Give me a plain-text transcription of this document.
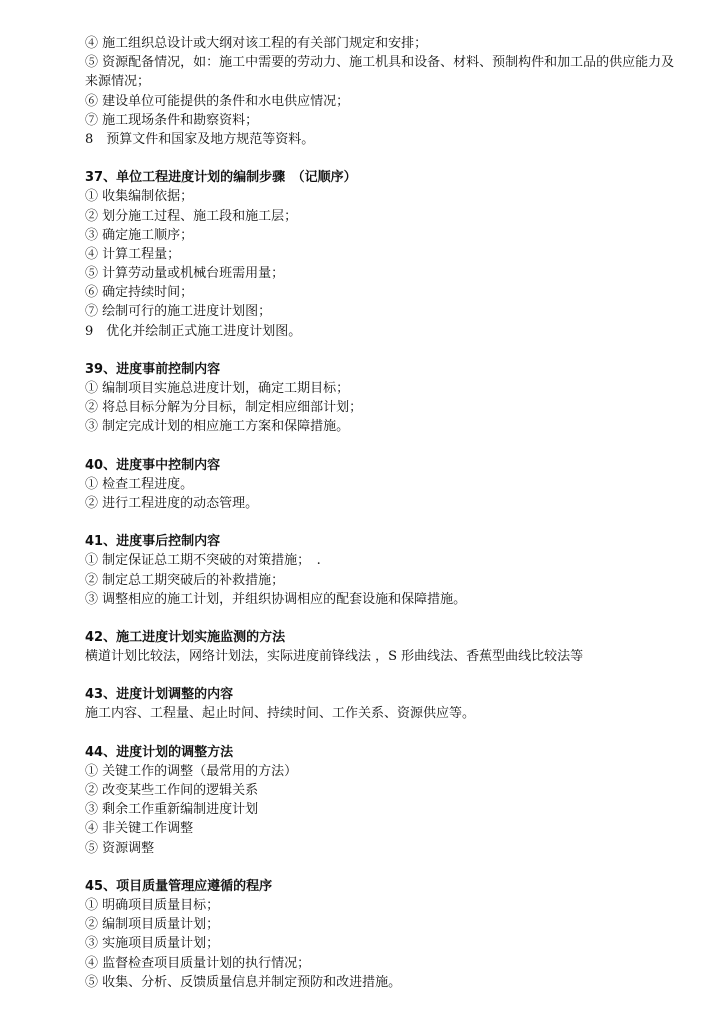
④ 施工组织总设计或大纲对该工程的有关部门规定和安排；
⑤ 资源配备情况，如：施工中需要的劳动力、施工机具和设备、材料、预制构件和加工品的供应能力及来源情况；
⑥ 建设单位可能提供的条件和水电供应情况；
⑦ 施工现场条件和勘察资料；
8　预算文件和国家及地方规范等资料。
37、单位工程进度计划的编制步骤　（记顺序）
① 收集编制依据；
② 划分施工过程、施工段和施工层；
③ 确定施工顺序；
④ 计算工程量；
⑤ 计算劳动量或机械台班需用量；
⑥ 确定持续时间；
⑦ 绘制可行的施工进度计划图；
9　优化并绘制正式施工进度计划图。
39、进度事前控制内容
① 编制项目实施总进度计划，确定工期目标；
② 将总目标分解为分目标，制定相应细部计划；
③ 制定完成计划的相应施工方案和保障措施。
40、进度事中控制内容
① 检查工程进度。
② 进行工程进度的动态管理。
41、进度事后控制内容
① 制定保证总工期不突破的对策措施；　.
② 制定总工期突破后的补救措施；
③ 调整相应的施工计划，并组织协调相应的配套设施和保障措施。
42、施工进度计划实施监测的方法
横道计划比较法，网络计划法，实际进度前锋线法 ，S 形曲线法、香蕉型曲线比较法等
43、进度计划调整的内容
施工内容、工程量、起止时间、持续时间、工作关系、资源供应等。
44、进度计划的调整方法
① 关键工作的调整（最常用的方法）
② 改变某些工作间的逻辑关系
③ 剩余工作重新编制进度计划
④ 非关键工作调整
⑤ 资源调整
45、项目质量管理应遵循的程序
① 明确项目质量目标；
② 编制项目质量计划；
③ 实施项目质量计划；
④ 监督检查项目质量计划的执行情况；
⑤ 收集、分析、反馈质量信息并制定预防和改进措施。
